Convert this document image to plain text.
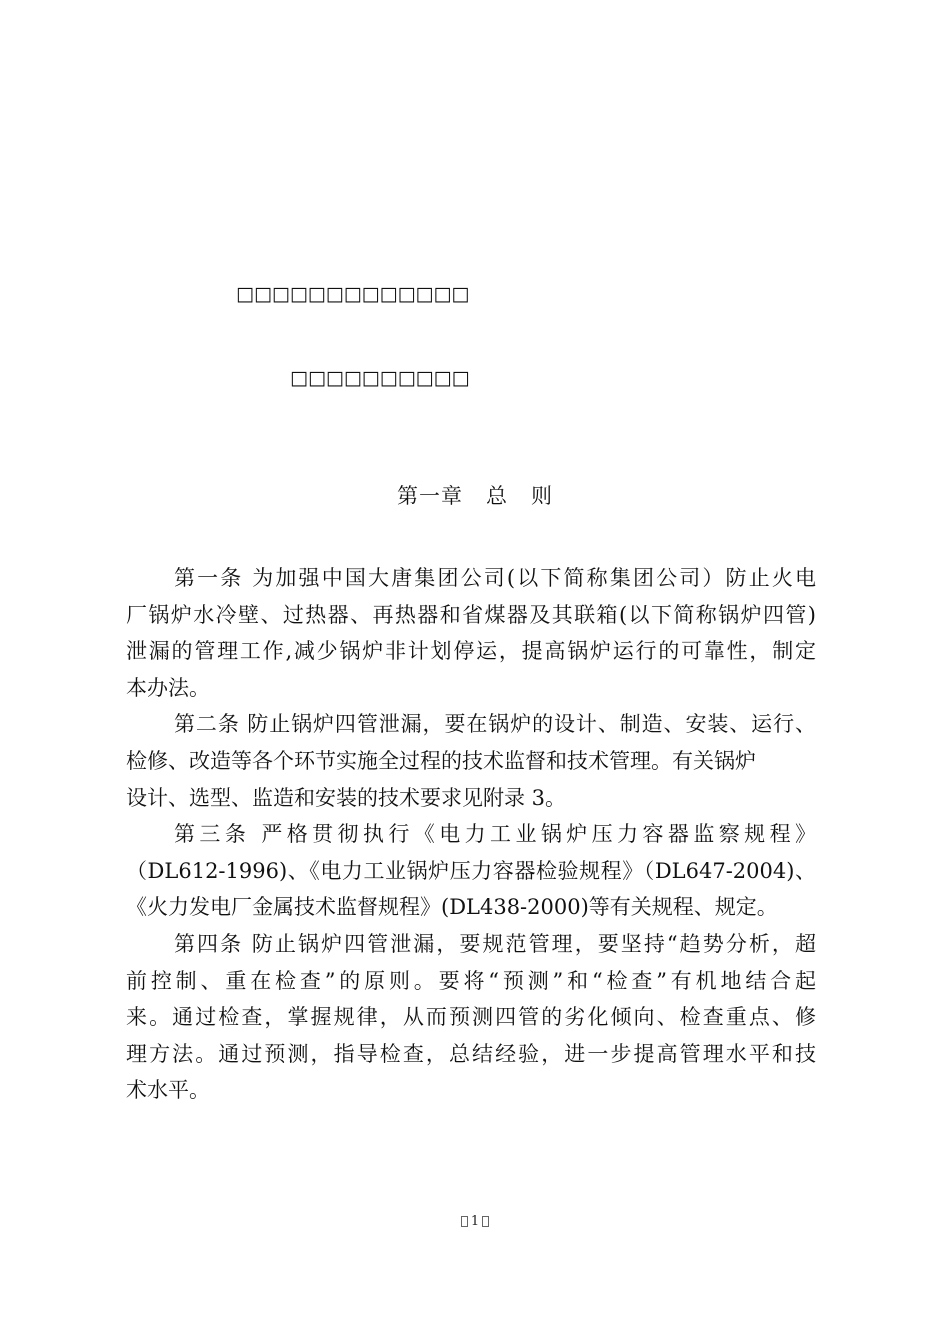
□□□□□□□□□□□□□
□□□□□□□□□□
第一章   总   则
第一条 为加强中国大唐集团公司(以下简称集团公司）防止火电
厂锅炉水冷壁、过热器、再热器和省煤器及其联箱(以下简称锅炉四管)
泄漏的管理工作,减少锅炉非计划停运，提高锅炉运行的可靠性，制定
本办法。
第二条 防止锅炉四管泄漏，要在锅炉的设计、制造、安装、运行、
检修、改造等各个环节实施全过程的技术监督和技术管理。有关锅炉
设计、选型、监造和安装的技术要求见附录 3。
第三条 严格贯彻执行《电力工业锅炉压力容器监察规程》
（DL612-1996)、《电力工业锅炉压力容器检验规程》（DL647-2004)、
《火力发电厂金属技术监督规程》(DL438-2000)等有关规程、规定。
第四条 防止锅炉四管泄漏，要规范管理，要坚持“趋势分析，超
前控制、重在检查”的原则。要将“预测”和“检查”有机地结合起
来。通过检查，掌握规律，从而预测四管的劣化倾向、检查重点、修
理方法。通过预测，指导检查，总结经验，进一步提高管理水平和技
术水平。
1
